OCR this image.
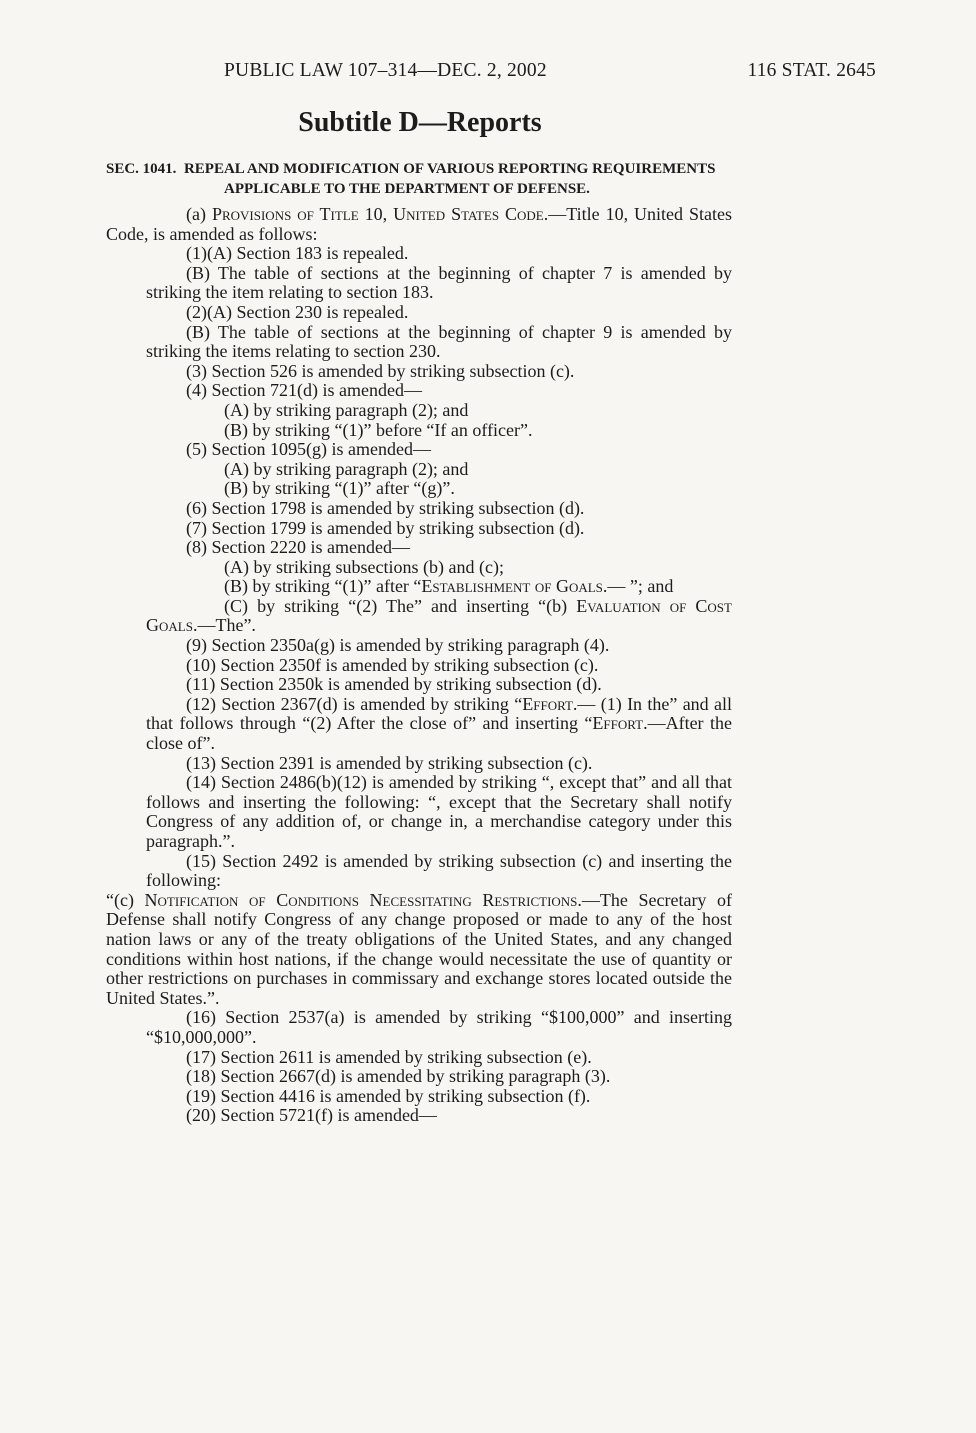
PUBLIC LAW 107–314—DEC. 2, 2002	116 STAT. 2645
Subtitle D—Reports
SEC. 1041. REPEAL AND MODIFICATION OF VARIOUS REPORTING REQUIREMENTS APPLICABLE TO THE DEPARTMENT OF DEFENSE.

(a) Provisions of Title 10, United States Code.—Title 10, United States Code, is amended as follows:

(1)(A) Section 183 is repealed.

(B) The table of sections at the beginning of chapter 7 is amended by striking the item relating to section 183.

(2)(A) Section 230 is repealed.

(B) The table of sections at the beginning of chapter 9 is amended by striking the items relating to section 230.

(3) Section 526 is amended by striking subsection (c).

(4) Section 721(d) is amended—

(A) by striking paragraph (2); and

(B) by striking “(1)” before “If an officer”.

(5) Section 1095(g) is amended—

(A) by striking paragraph (2); and

(B) by striking “(1)” after “(g)”.

(6) Section 1798 is amended by striking subsection (d).

(7) Section 1799 is amended by striking subsection (d).

(8) Section 2220 is amended—

(A) by striking subsections (b) and (c);

(B) by striking “(1)” after “Establishment of Goals.— ”; and

(C) by striking “(2) The” and inserting “(b) Evaluation of Cost Goals.—The”.

(9) Section 2350a(g) is amended by striking paragraph (4).

(10) Section 2350f is amended by striking subsection (c).

(11) Section 2350k is amended by striking subsection (d).

(12) Section 2367(d) is amended by striking “Effort.— (1) In the” and all that follows through “(2) After the close of” and inserting “Effort.—After the close of”.

(13) Section 2391 is amended by striking subsection (c).

(14) Section 2486(b)(12) is amended by striking “, except that” and all that follows and inserting the following: “, except that the Secretary shall notify Congress of any addition of, or change in, a merchandise category under this paragraph.”.

(15) Section 2492 is amended by striking subsection (c) and inserting the following:

“(c) Notification of Conditions Necessitating Restrictions.—The Secretary of Defense shall notify Congress of any change proposed or made to any of the host nation laws or any of the treaty obligations of the United States, and any changed conditions within host nations, if the change would necessitate the use of quantity or other restrictions on purchases in commissary and exchange stores located outside the United States.”.

(16) Section 2537(a) is amended by striking “$100,000” and inserting “$10,000,000”.

(17) Section 2611 is amended by striking subsection (e).

(18) Section 2667(d) is amended by striking paragraph (3).

(19) Section 4416 is amended by striking subsection (f).

(20) Section 5721(f) is amended—
